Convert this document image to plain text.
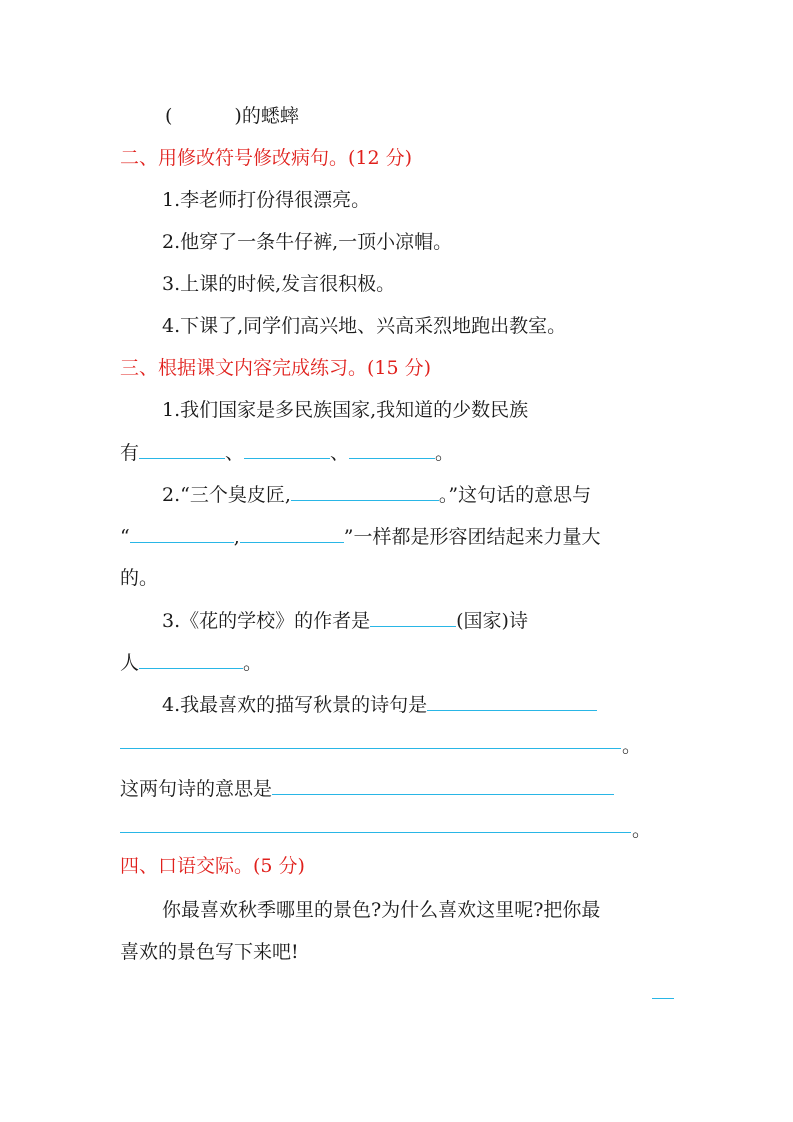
(	)的蟋蟀
二、用修改符号修改病句。(12 分)
1.李老师打份得很漂亮。
2.他穿了一条牛仔裤,一顶小凉帽。
3.上课的时候,发言很积极。
4.下课了,同学们高兴地、兴高采烈地跑出教室。
三、根据课文内容完成练习。(15 分)
1.我们国家是多民族国家,我知道的少数民族
有	、	、	。
2.“三个臭皮匠,	。”这句话的意思与
“	,	”一样都是形容团结起来力量大
的。
3.《花的学校》的作者是	(国家)诗
人	。
4.我最喜欢的描写秋景的诗句是
。
这两句诗的意思是
。
四、口语交际。(5 分)
你最喜欢秋季哪里的景色?为什么喜欢这里呢?把你最
喜欢的景色写下来吧!
